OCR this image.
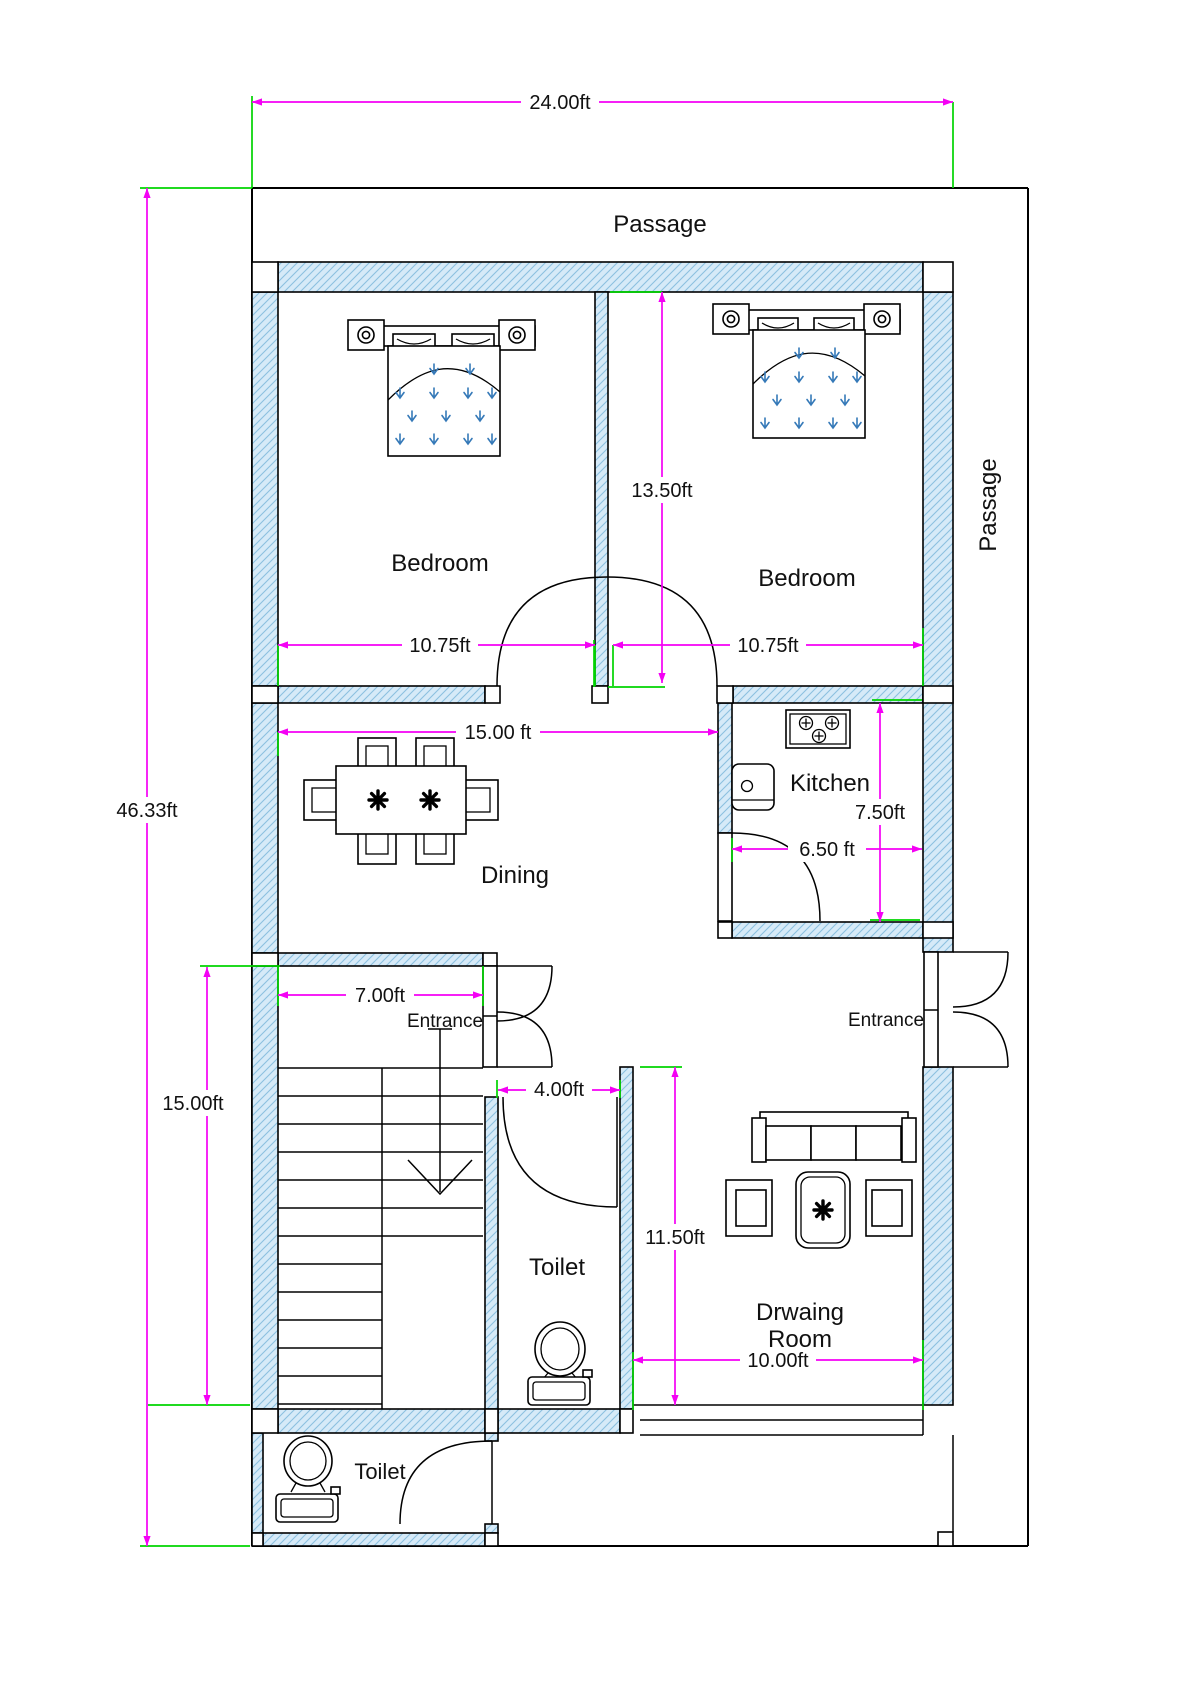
24.00ft
46.33ft
13.50ft
10.75ft	10.75ft
15.00 ft
7.50ft
6.50 ft
7.00ft
15.00ft
4.00ft
11.50ft
10.00ft
Passage
Bedroom
Bedroom
Dining
Kitchen
Entrance	Entrance
Toilet
Toilet
Drwaing
Room
Passage
